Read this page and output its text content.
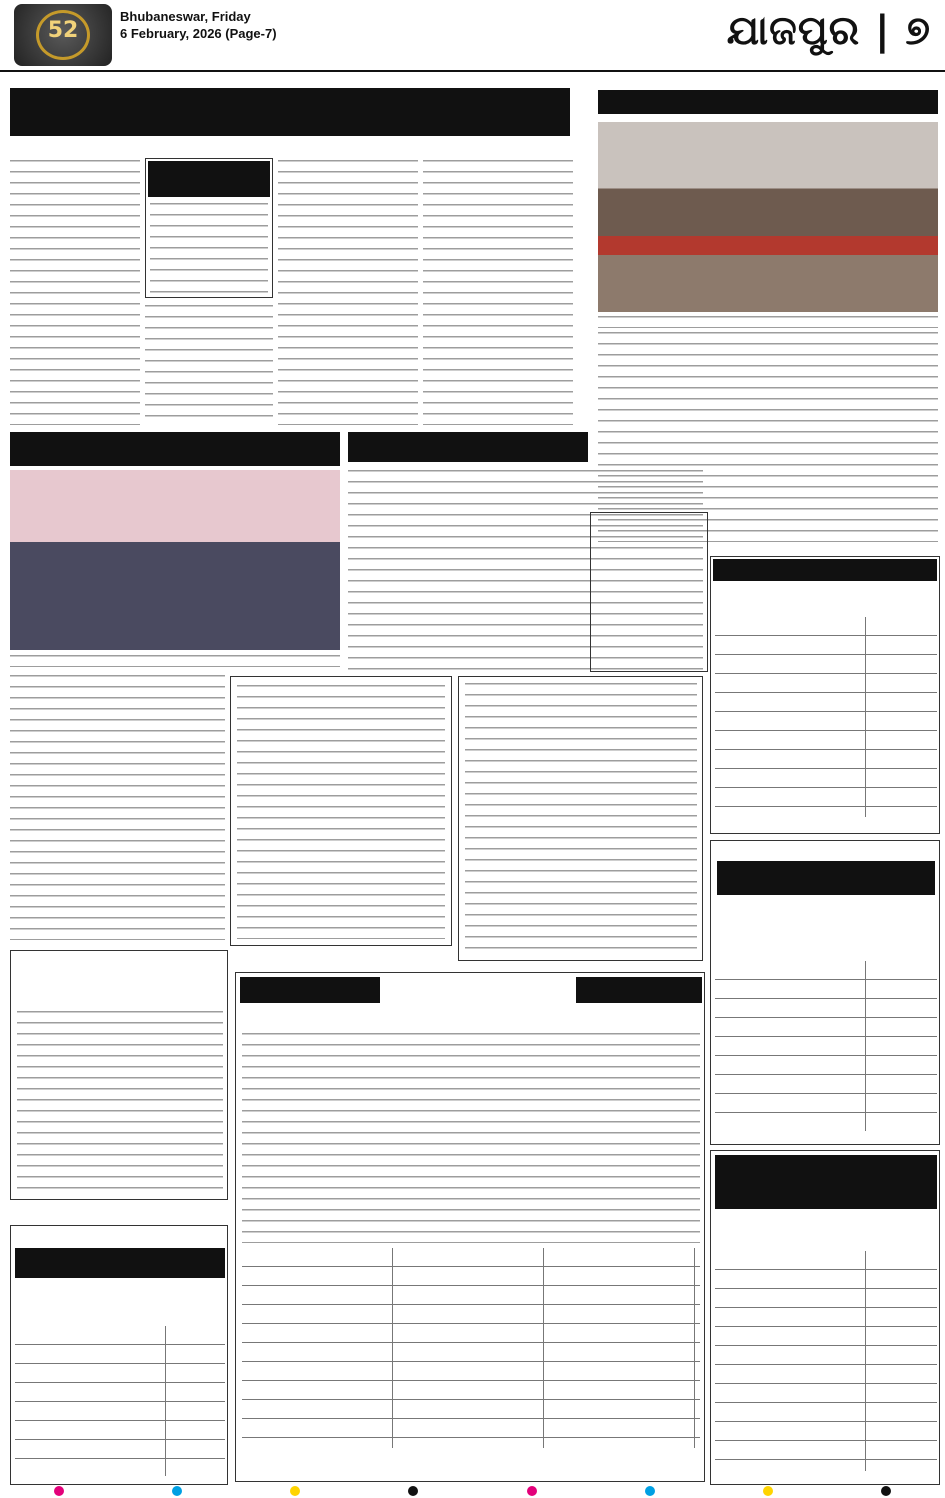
52
Bhubaneswar, Friday
6 February, 2026 (Page-7)	ଯାଜପୁର | ୭
